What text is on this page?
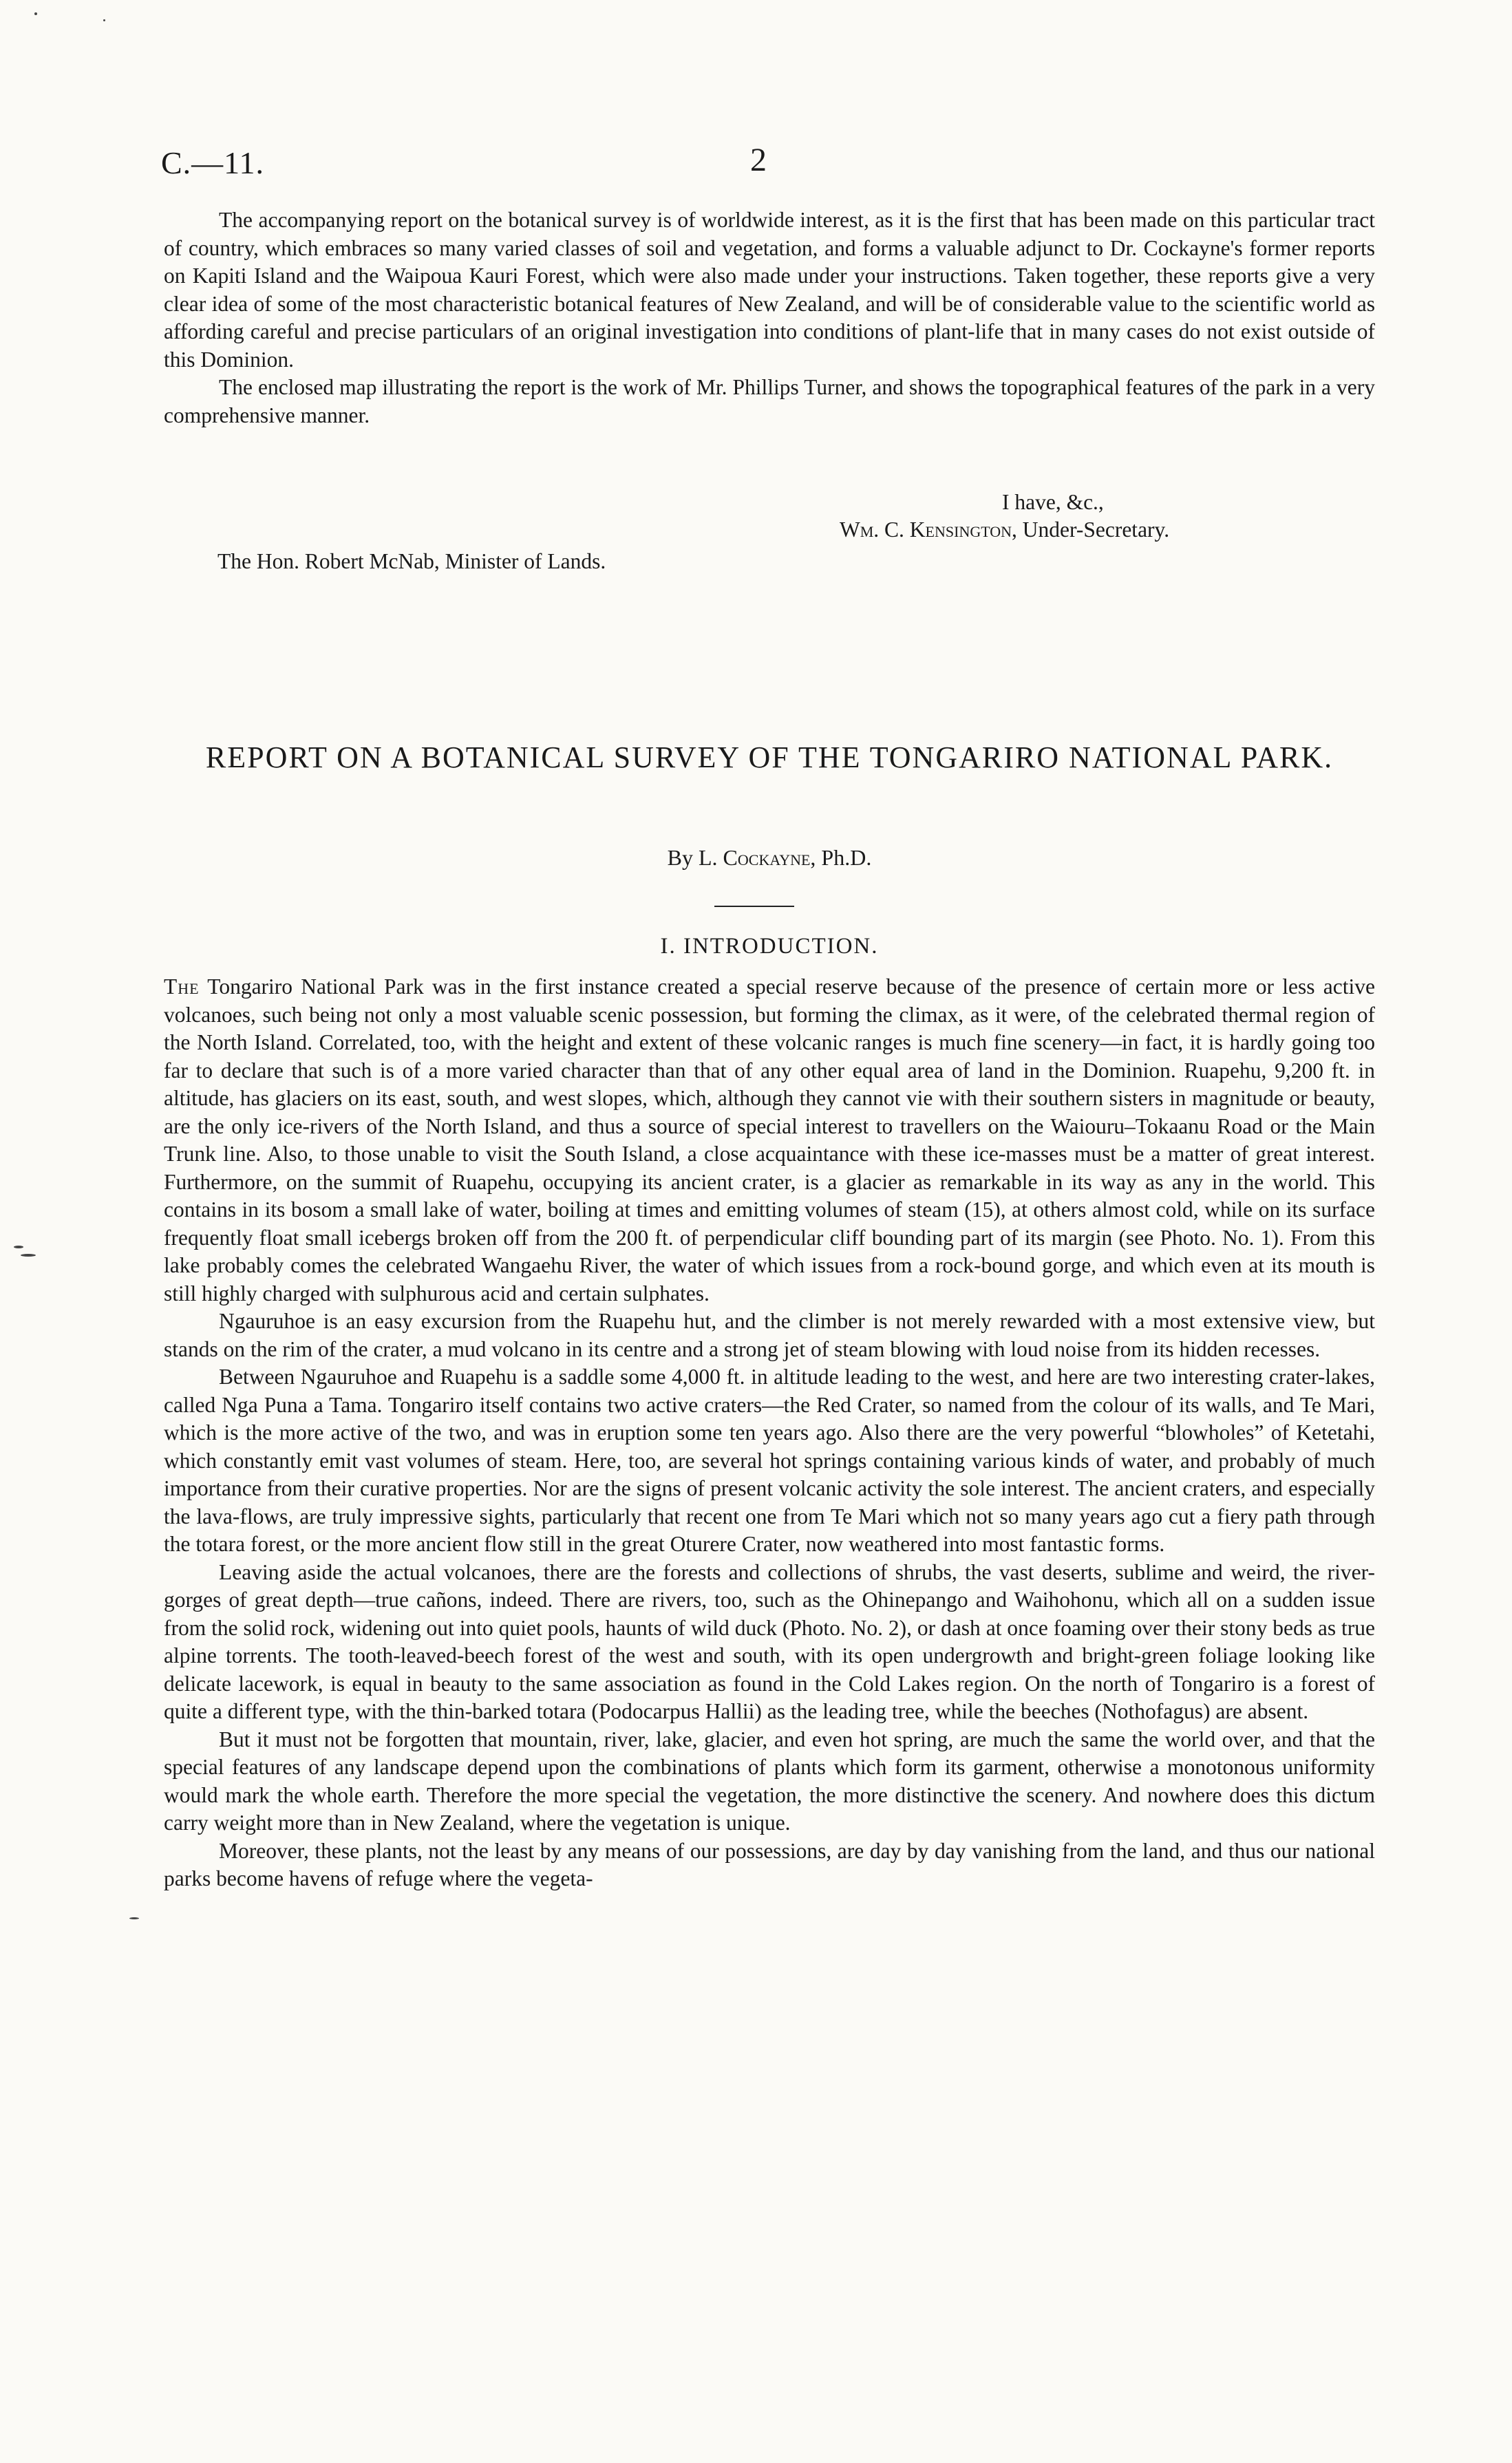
C.—11.	2

The accompanying report on the botanical survey is of worldwide interest, as it is the first that has been made on this particular tract of country, which embraces so many varied classes of soil and vegetation, and forms a valuable adjunct to Dr. Cockayne's former reports on Kapiti Island and the Waipoua Kauri Forest, which were also made under your instructions. Taken together, these reports give a very clear idea of some of the most characteristic botanical features of New Zealand, and will be of considerable value to the scientific world as affording careful and precise particulars of an original investigation into conditions of plant-life that in many cases do not exist outside of this Dominion.

The enclosed map illustrating the report is the work of Mr. Phillips Turner, and shows the topographical features of the park in a very comprehensive manner.

I have, &c.,
Wm. C. Kensington, Under-Secretary.
The Hon. Robert McNab, Minister of Lands.
REPORT ON A BOTANICAL SURVEY OF THE TONGARIRO NATIONAL PARK.
By L. Cockayne, Ph.D.
I. INTRODUCTION.

The Tongariro National Park was in the first instance created a special reserve because of the presence of certain more or less active volcanoes, such being not only a most valuable scenic possession, but forming the climax, as it were, of the celebrated thermal region of the North Island. Correlated, too, with the height and extent of these volcanic ranges is much fine scenery—in fact, it is hardly going too far to declare that such is of a more varied character than that of any other equal area of land in the Dominion. Ruapehu, 9,200 ft. in altitude, has glaciers on its east, south, and west slopes, which, although they cannot vie with their southern sisters in magnitude or beauty, are the only ice-rivers of the North Island, and thus a source of special interest to travellers on the Waiouru–Tokaanu Road or the Main Trunk line. Also, to those unable to visit the South Island, a close acquaintance with these ice-masses must be a matter of great interest. Furthermore, on the summit of Ruapehu, occupying its ancient crater, is a glacier as remarkable in its way as any in the world. This contains in its bosom a small lake of water, boiling at times and emitting volumes of steam (15), at others almost cold, while on its surface frequently float small icebergs broken off from the 200 ft. of perpendicular cliff bounding part of its margin (see Photo. No. 1). From this lake probably comes the celebrated Wangaehu River, the water of which issues from a rock-bound gorge, and which even at its mouth is still highly charged with sulphurous acid and certain sulphates.

Ngauruhoe is an easy excursion from the Ruapehu hut, and the climber is not merely rewarded with a most extensive view, but stands on the rim of the crater, a mud volcano in its centre and a strong jet of steam blowing with loud noise from its hidden recesses.

Between Ngauruhoe and Ruapehu is a saddle some 4,000 ft. in altitude leading to the west, and here are two interesting crater-lakes, called Nga Puna a Tama. Tongariro itself contains two active craters—the Red Crater, so named from the colour of its walls, and Te Mari, which is the more active of the two, and was in eruption some ten years ago. Also there are the very powerful “blowholes” of Ketetahi, which constantly emit vast volumes of steam. Here, too, are several hot springs containing various kinds of water, and probably of much importance from their curative properties. Nor are the signs of present volcanic activity the sole interest. The ancient craters, and especially the lava-flows, are truly impressive sights, particularly that recent one from Te Mari which not so many years ago cut a fiery path through the totara forest, or the more ancient flow still in the great Oturere Crater, now weathered into most fantastic forms.

Leaving aside the actual volcanoes, there are the forests and collections of shrubs, the vast deserts, sublime and weird, the river-gorges of great depth—true cañons, indeed. There are rivers, too, such as the Ohinepango and Waihohonu, which all on a sudden issue from the solid rock, widening out into quiet pools, haunts of wild duck (Photo. No. 2), or dash at once foaming over their stony beds as true alpine torrents. The tooth-leaved-beech forest of the west and south, with its open undergrowth and bright-green foliage looking like delicate lacework, is equal in beauty to the same association as found in the Cold Lakes region. On the north of Tongariro is a forest of quite a different type, with the thin-barked totara (Podocarpus Hallii) as the leading tree, while the beeches (Nothofagus) are absent.

But it must not be forgotten that mountain, river, lake, glacier, and even hot spring, are much the same the world over, and that the special features of any landscape depend upon the combinations of plants which form its garment, otherwise a monotonous uniformity would mark the whole earth. Therefore the more special the vegetation, the more distinctive the scenery. And nowhere does this dictum carry weight more than in New Zealand, where the vegetation is unique.

Moreover, these plants, not the least by any means of our possessions, are day by day vanishing from the land, and thus our national parks become havens of refuge where the vegeta-
